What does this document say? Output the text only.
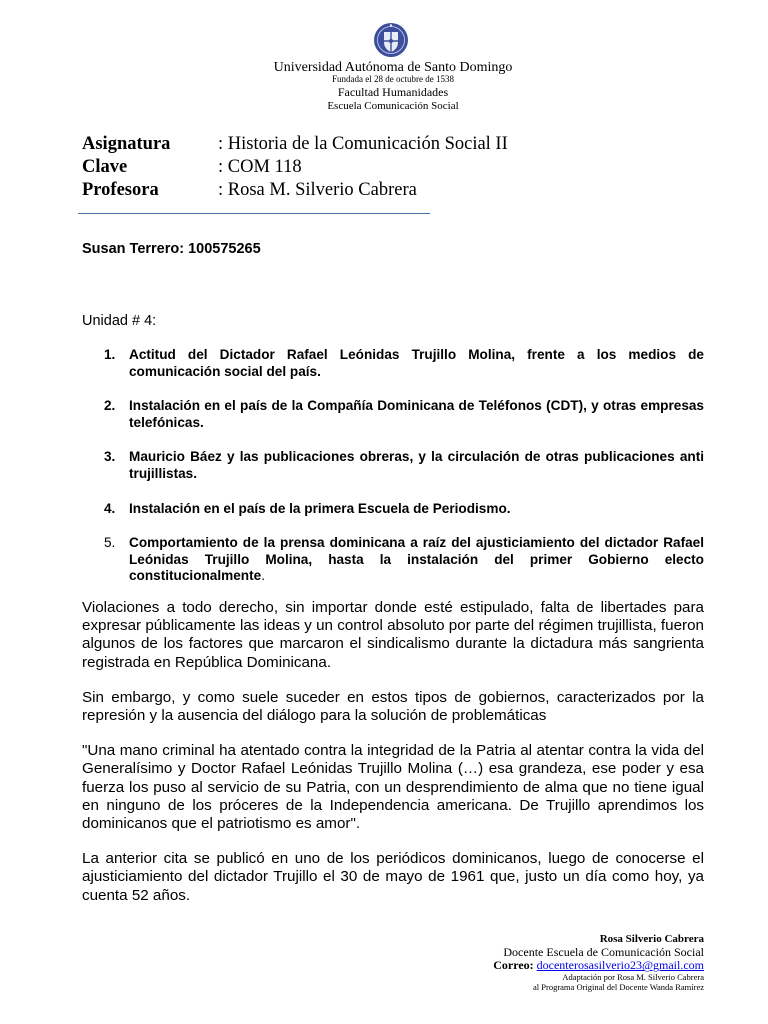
Universidad Autónoma de Santo Domingo
Fundada el 28 de octubre de 1538
Facultad Humanidades
Escuela Comunicación Social
Asignatura	: Historia de la Comunicación Social II
Clave	: COM 118
Profesora	: Rosa M. Silverio Cabrera
Susan Terrero: 100575265
Unidad # 4:
1. Actitud del Dictador Rafael Leónidas Trujillo Molina, frente a los medios de comunicación social del país.
2. Instalación en el país de la Compañía Dominicana de Teléfonos (CDT), y otras empresas telefónicas.
3. Mauricio Báez y las publicaciones obreras, y la circulación de otras publicaciones anti trujillistas.
4. Instalación en el país de la primera Escuela de Periodismo.
5. Comportamiento de la prensa dominicana a raíz del ajusticiamiento del dictador Rafael Leónidas Trujillo Molina, hasta la instalación del primer Gobierno electo constitucionalmente.

Violaciones a todo derecho, sin importar donde esté estipulado, falta de libertades para expresar públicamente las ideas y un control absoluto por parte del régimen trujillista, fueron algunos de los factores que marcaron el sindicalismo durante la dictadura más sangrienta registrada en República Dominicana.

Sin embargo, y como suele suceder en estos tipos de gobiernos, caracterizados por la represión y la ausencia del diálogo para la solución de problemáticas

"Una mano criminal ha atentado contra la integridad de la Patria al atentar contra la vida del Generalísimo y Doctor Rafael Leónidas Trujillo Molina (…) esa grandeza, ese poder y esa fuerza los puso al servicio de su Patria, con un desprendimiento de alma que no tiene igual en ninguno de los próceres de la Independencia americana. De Trujillo aprendimos los dominicanos que el patriotismo es amor".

La anterior cita se publicó en uno de los periódicos dominicanos, luego de conocerse el ajusticiamiento del dictador Trujillo el 30 de mayo de 1961 que, justo un día como hoy, ya cuenta 52 años.

Rosa Silverio Cabrera
Docente Escuela de Comunicación Social
Correo: docenterosasilverio23@gmail.com
Adaptación por Rosa M. Silverio Cabrera
al Programa Original del Docente Wanda Ramírez
